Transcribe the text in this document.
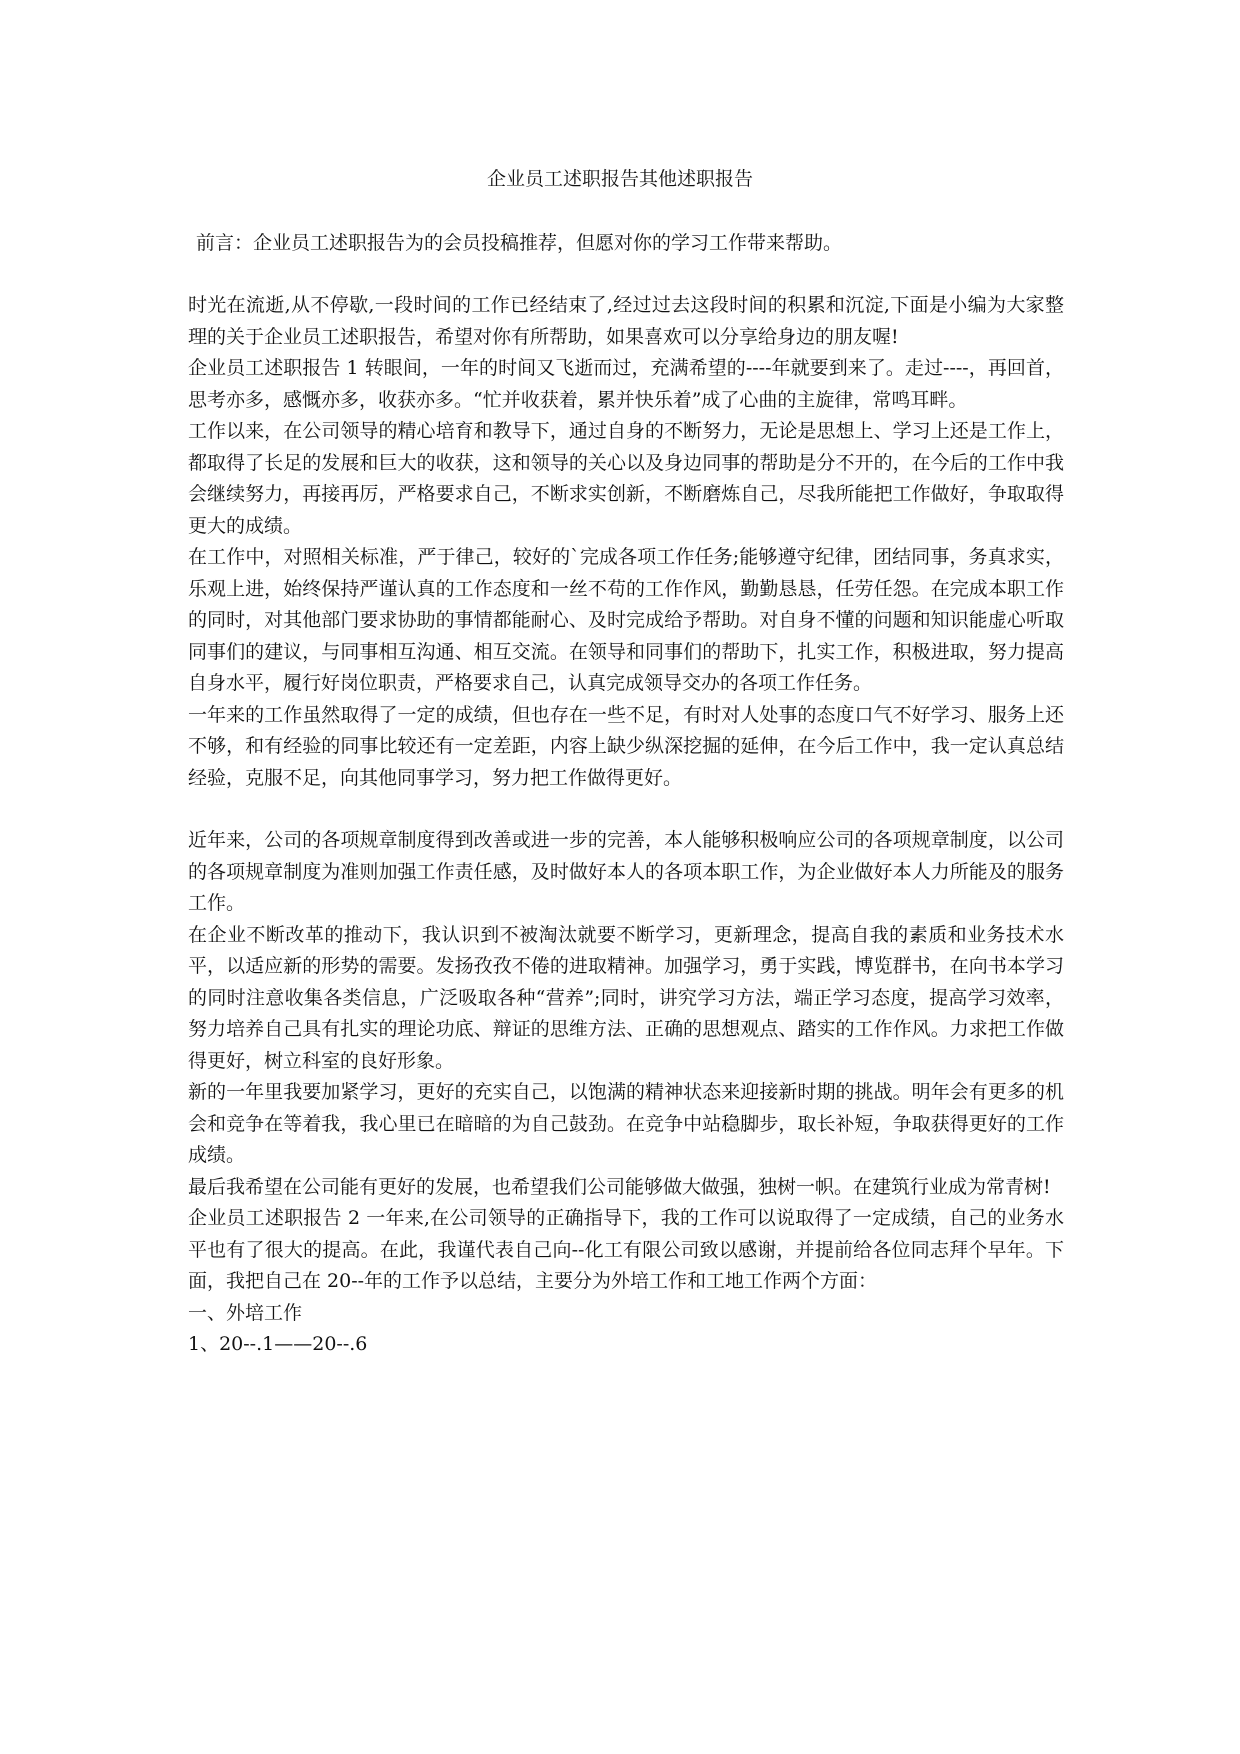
企业员工述职报告其他述职报告
前言：企业员工述职报告为的会员投稿推荐，但愿对你的学习工作带来帮助。

时光在流逝,从不停歇,一段时间的工作已经结束了,经过过去这段时间的积累和沉淀,下面是小编为大家整理的关于企业员工述职报告，希望对你有所帮助，如果喜欢可以分享给身边的朋友喔!

企业员工述职报告 1 转眼间，一年的时间又飞逝而过，充满希望的----年就要到来了。走过----，再回首，思考亦多，感慨亦多，收获亦多。“忙并收获着，累并快乐着”成了心曲的主旋律，常鸣耳畔。

工作以来，在公司领导的精心培育和教导下，通过自身的不断努力，无论是思想上、学习上还是工作上，都取得了长足的发展和巨大的收获，这和领导的关心以及身边同事的帮助是分不开的，在今后的工作中我会继续努力，再接再厉，严格要求自己，不断求实创新，不断磨炼自己，尽我所能把工作做好，争取取得更大的成绩。

在工作中，对照相关标准，严于律己，较好的`完成各项工作任务;能够遵守纪律，团结同事，务真求实，乐观上进，始终保持严谨认真的工作态度和一丝不苟的工作作风，勤勤恳恳，任劳任怨。在完成本职工作的同时，对其他部门要求协助的事情都能耐心、及时完成给予帮助。对自身不懂的问题和知识能虚心听取同事们的建议，与同事相互沟通、相互交流。在领导和同事们的帮助下，扎实工作，积极进取，努力提高自身水平，履行好岗位职责，严格要求自己，认真完成领导交办的各项工作任务。

一年来的工作虽然取得了一定的成绩，但也存在一些不足，有时对人处事的态度口气不好学习、服务上还不够，和有经验的同事比较还有一定差距，内容上缺少纵深挖掘的延伸，在今后工作中，我一定认真总结经验，克服不足，向其他同事学习，努力把工作做得更好。

近年来，公司的各项规章制度得到改善或进一步的完善，本人能够积极响应公司的各项规章制度，以公司的各项规章制度为准则加强工作责任感，及时做好本人的各项本职工作，为企业做好本人力所能及的服务工作。

在企业不断改革的推动下，我认识到不被淘汰就要不断学习，更新理念，提高自我的素质和业务技术水平，以适应新的形势的需要。发扬孜孜不倦的进取精神。加强学习，勇于实践，博览群书，在向书本学习的同时注意收集各类信息，广泛吸取各种“营养”;同时，讲究学习方法，端正学习态度，提高学习效率，努力培养自己具有扎实的理论功底、辩证的思维方法、正确的思想观点、踏实的工作作风。力求把工作做得更好，树立科室的良好形象。

新的一年里我要加紧学习，更好的充实自己，以饱满的精神状态来迎接新时期的挑战。明年会有更多的机会和竞争在等着我，我心里已在暗暗的为自己鼓劲。在竞争中站稳脚步，取长补短，争取获得更好的工作成绩。

最后我希望在公司能有更好的发展，也希望我们公司能够做大做强，独树一帜。在建筑行业成为常青树!

企业员工述职报告 2 一年来,在公司领导的正确指导下，我的工作可以说取得了一定成绩，自己的业务水平也有了很大的提高。在此，我谨代表自己向--化工有限公司致以感谢，并提前给各位同志拜个早年。下面，我把自己在 20--年的工作予以总结，主要分为外培工作和工地工作两个方面：

一、外培工作

1、20--.1——20--.6
